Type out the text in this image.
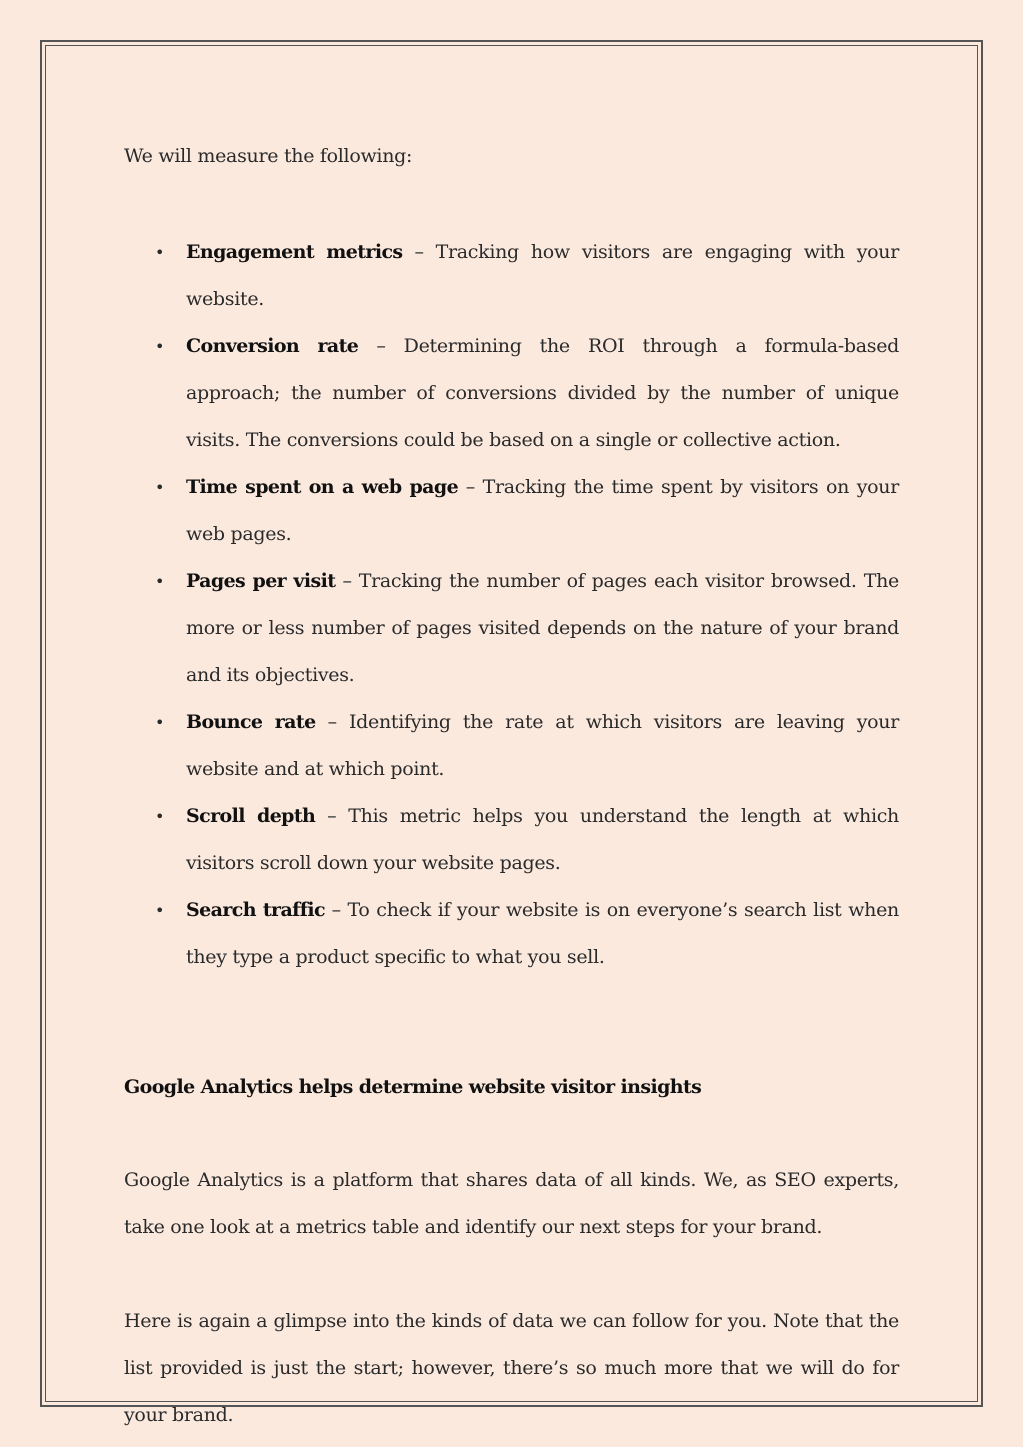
We will measure the following:

• Engagement metrics – Tracking how visitors are engaging with your website.
• Conversion rate – Determining the ROI through a formula-based approach; the number of conversions divided by the number of unique visits. The conversions could be based on a single or collective action.
• Time spent on a web page – Tracking the time spent by visitors on your web pages.
• Pages per visit – Tracking the number of pages each visitor browsed. The more or less number of pages visited depends on the nature of your brand and its objectives.
• Bounce rate – Identifying the rate at which visitors are leaving your website and at which point.
• Scroll depth – This metric helps you understand the length at which visitors scroll down your website pages.
• Search traffic – To check if your website is on everyone’s search list when they type a product specific to what you sell.
Google Analytics helps determine website visitor insights

Google Analytics is a platform that shares data of all kinds. We, as SEO experts, take one look at a metrics table and identify our next steps for your brand.

Here is again a glimpse into the kinds of data we can follow for you. Note that the list provided is just the start; however, there’s so much more that we will do for your brand.
